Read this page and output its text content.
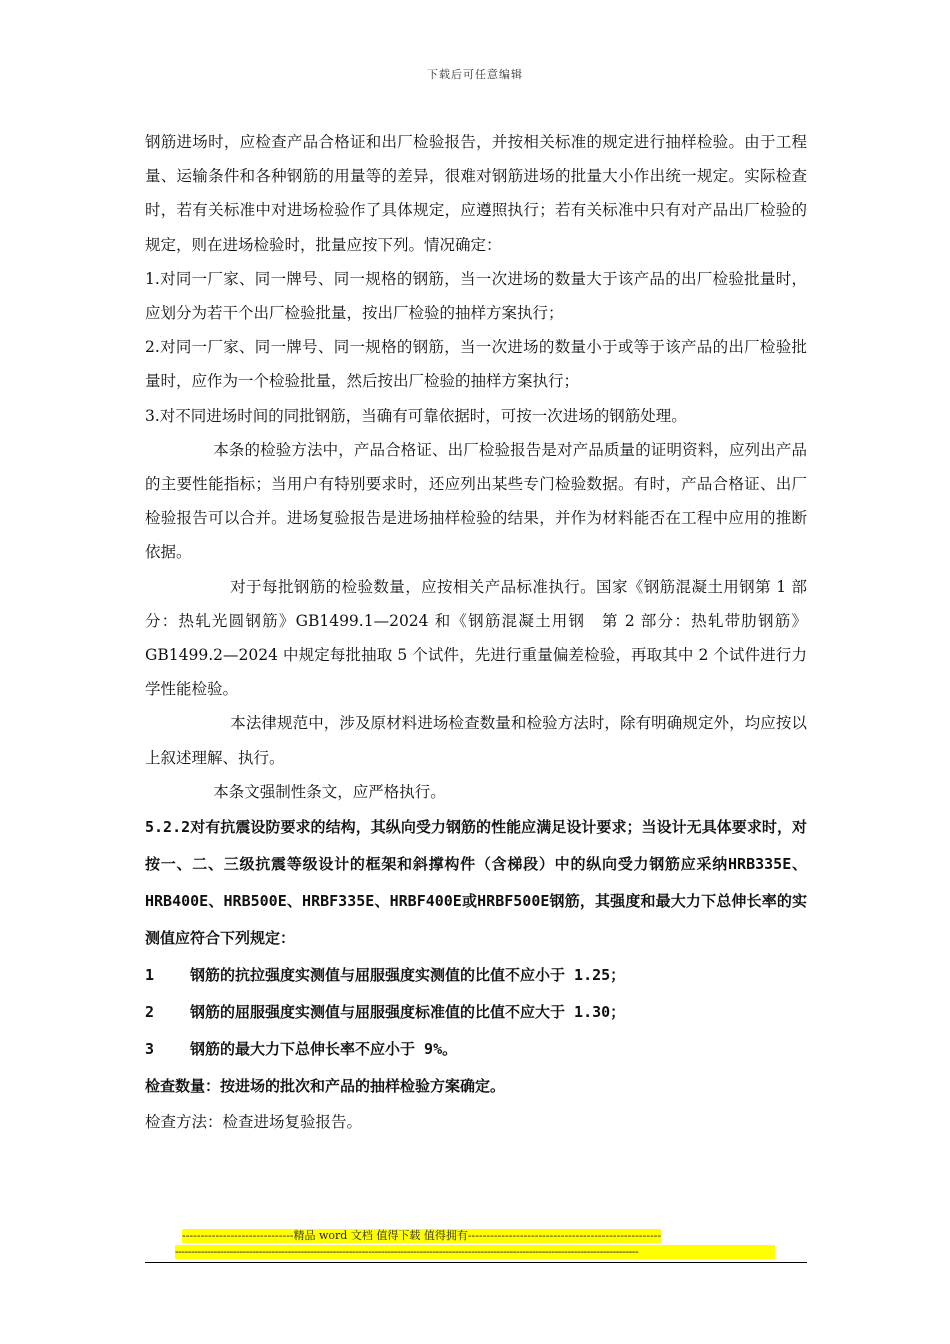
下载后可任意编辑

钢筋进场时，应检查产品合格证和出厂检验报告，并按相关标准的规定进行抽样检验。由于工程量、运输条件和各种钢筋的用量等的差异，很难对钢筋进场的批量大小作出统一规定。实际检查时，若有关标准中对进场检验作了具体规定，应遵照执行；若有关标准中只有对产品出厂检验的规定，则在进场检验时，批量应按下列。情况确定：

1.对同一厂家、同一牌号、同一规格的钢筋，当一次进场的数量大于该产品的出厂检验批量时，应划分为若干个出厂检验批量，按出厂检验的抽样方案执行；

2.对同一厂家、同一牌号、同一规格的钢筋，当一次进场的数量小于或等于该产品的出厂检验批量时，应作为一个检验批量，然后按出厂检验的抽样方案执行；

3.对不同进场时间的同批钢筋，当确有可靠依据时，可按一次进场的钢筋处理。

本条的检验方法中，产品合格证、出厂检验报告是对产品质量的证明资料，应列出产品的主要性能指标；当用户有特别要求时，还应列出某些专门检验数据。有时，产品合格证、出厂检验报告可以合并。进场复验报告是进场抽样检验的结果，并作为材料能否在工程中应用的推断依据。

对于每批钢筋的检验数量，应按相关产品标准执行。国家《钢筋混凝土用钢第 1 部分：热轧光圆钢筋》GB1499.1—2024 和《钢筋混凝土用钢　第 2 部分：热轧带肋钢筋》GB1499.2—2024 中规定每批抽取 5 个试件，先进行重量偏差检验，再取其中 2 个试件进行力学性能检验。

本法律规范中，涉及原材料进场检查数量和检验方法时，除有明确规定外，均应按以上叙述理解、执行。

本条文强制性条文，应严格执行。

5.2.2对有抗震设防要求的结构，其纵向受力钢筋的性能应满足设计要求；当设计无具体要求时，对按一、二、三级抗震等级设计的框架和斜撑构件（含梯段）中的纵向受力钢筋应采纳HRB335E、HRB400E、HRB500E、HRBF335E、HRBF400E或HRBF500E钢筋，其强度和最大力下总伸长率的实测值应符合下列规定：

1	钢筋的抗拉强度实测值与屈服强度实测值的比值不应小于 1.25；
2	钢筋的屈服强度实测值与屈服强度标准值的比值不应大于 1.30；
3	钢筋的最大力下总伸长率不应小于 9%。

检查数量：按进场的批次和产品的抽样检验方案确定。

检查方法：检查进场复验报告。

------------------------------精品 word 文档 值得下载 值得拥有----------------------------------------------------
------------------------------------------------------------------------------------------------------------------------------------------------
